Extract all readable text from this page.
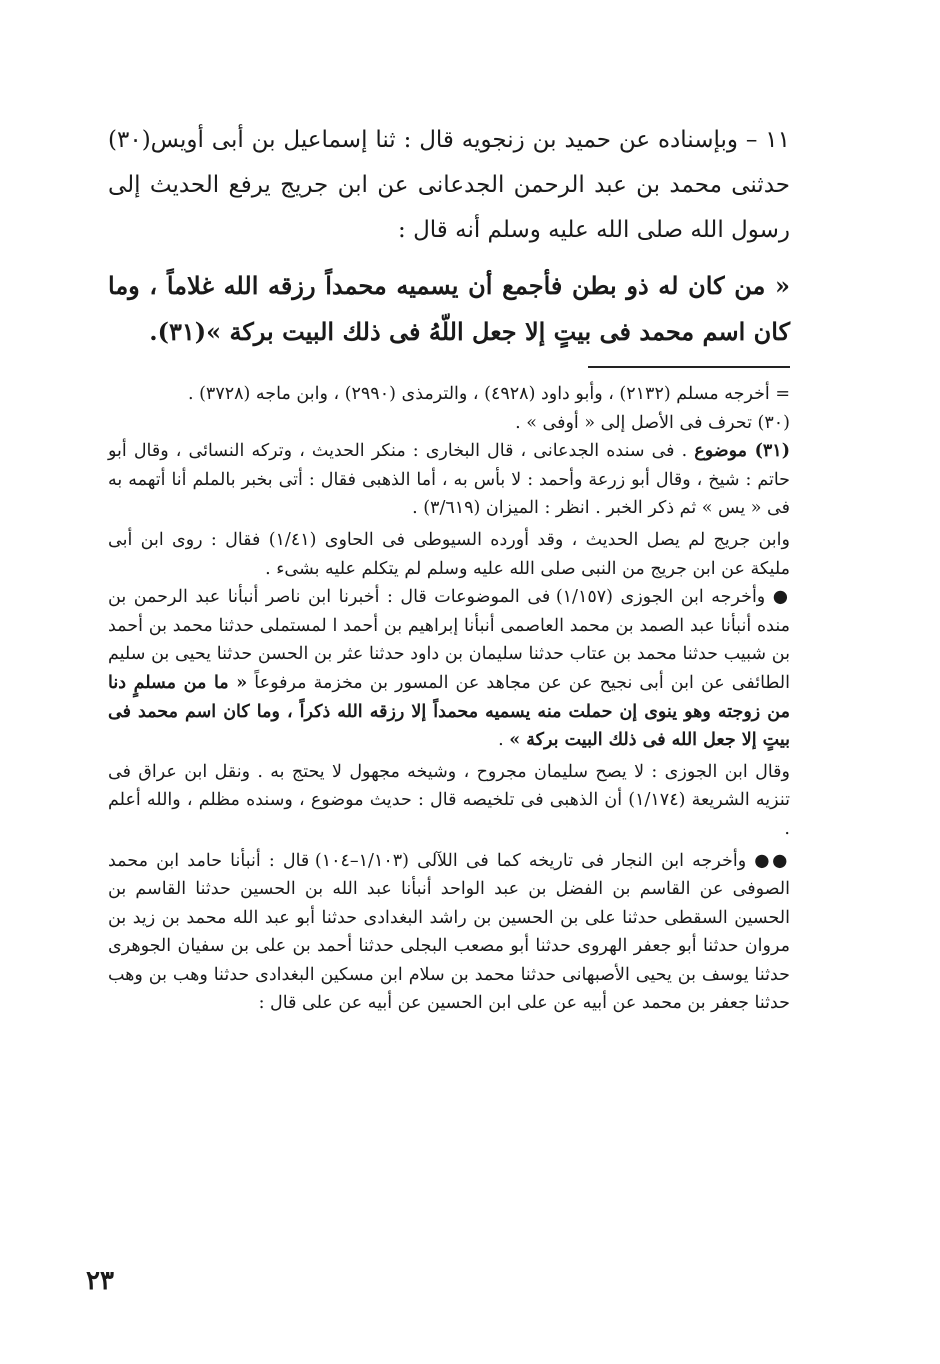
١١ – وبإسناده عن حميد بن زنجويه قال : ثنا إسماعيل بن أبى أويس(٣٠) حدثنى محمد بن عبد الرحمن الجدعانى عن ابن جريج يرفع الحديث إلى رسول الله صلى الله عليه وسلم أنه قال :

« من كان له ذو بطن فأجمع أن يسميه محمداً رزقه الله غلاماً ، وما كان اسم محمد فى بيتٍ إلا جعل اللّهُ فى ذلك البيت بركة »(٣١).

= أخرجه مسلم (٢١٣٢) ، وأبو داود (٤٩٢٨) ، والترمذى (٢٩٩٠) ، وابن ماجه (٣٧٢٨) .

(٣٠) تحرف فى الأصل إلى « أوفى » .

(٣١) موضوع . فى سنده الجدعانى ، قال البخارى : منكر الحديث ، وتركه النسائى ، وقال أبو حاتم : شيخ ، وقال أبو زرعة وأحمد : لا بأس به ، أما الذهبى فقال : أتى بخبر بالملم أنا أتهمه به فى « يس » ثم ذكر الخبر . انظر : الميزان (٣/٦١٩) .

وابن جريج لم يصل الحديث ، وقد أورده السيوطى فى الحاوى (١/٤١) فقال : روى ابن أبى مليكة عن ابن جريج من النبى صلى الله عليه وسلم لم يتكلم عليه بشىء .

● وأخرجه ابن الجوزى (١/١٥٧) فى الموضوعات قال : أخبرنا ابن ناصر أنبأنا عبد الرحمن بن منده أنبأنا عبد الصمد بن محمد العاصمى أنبأنا إبراهيم بن أحمد ا لمستملى حدثنا محمد بن أحمد بن شبيب حدثنا محمد بن عتاب حدثنا سليمان بن داود حدثنا عثر بن الحسن حدثنا يحيى بن سليم الطائفى عن ابن أبى نجيح عن عن مجاهد عن المسور بن مخزمة مرفوعاً « ما من مسلمٍ دنا من زوجته وهو ينوى إن حملت منه يسميه محمداً إلا رزقه الله ذكراً ، وما كان اسم محمد فى بيتٍ إلا جعل الله فى ذلك البيت بركة » .

وقال ابن الجوزى : لا يصح سليمان مجروح ، وشيخه مجهول لا يحتج به . ونقل ابن عراق فى تنزيه الشريعة (١/١٧٤) أن الذهبى فى تلخيصه قال : حديث موضوع ، وسنده مظلم ، والله أعلم .

●● وأخرجه ابن النجار فى تاريخه كما فى اللآلى (١/١٠٣–١٠٤) قال : أنبأنا حامد ابن محمد الصوفى عن القاسم بن الفضل بن عبد الواحد أنبأنا عبد الله بن الحسين حدثنا القاسم بن الحسين السقطى حدثنا على بن الحسين بن راشد البغدادى حدثنا أبو عبد الله محمد بن زيد بن مروان حدثنا أبو جعفر الهروى حدثنا أبو مصعب البجلى حدثنا أحمد بن على بن سفيان الجوهرى حدثنا يوسف بن يحيى الأصبهانى حدثنا محمد بن سلام ابن مسكين البغدادى حدثنا وهب بن وهب حدثنا جعفر بن محمد عن أبيه عن على ابن الحسين عن أبيه عن على قال :

٢٣
